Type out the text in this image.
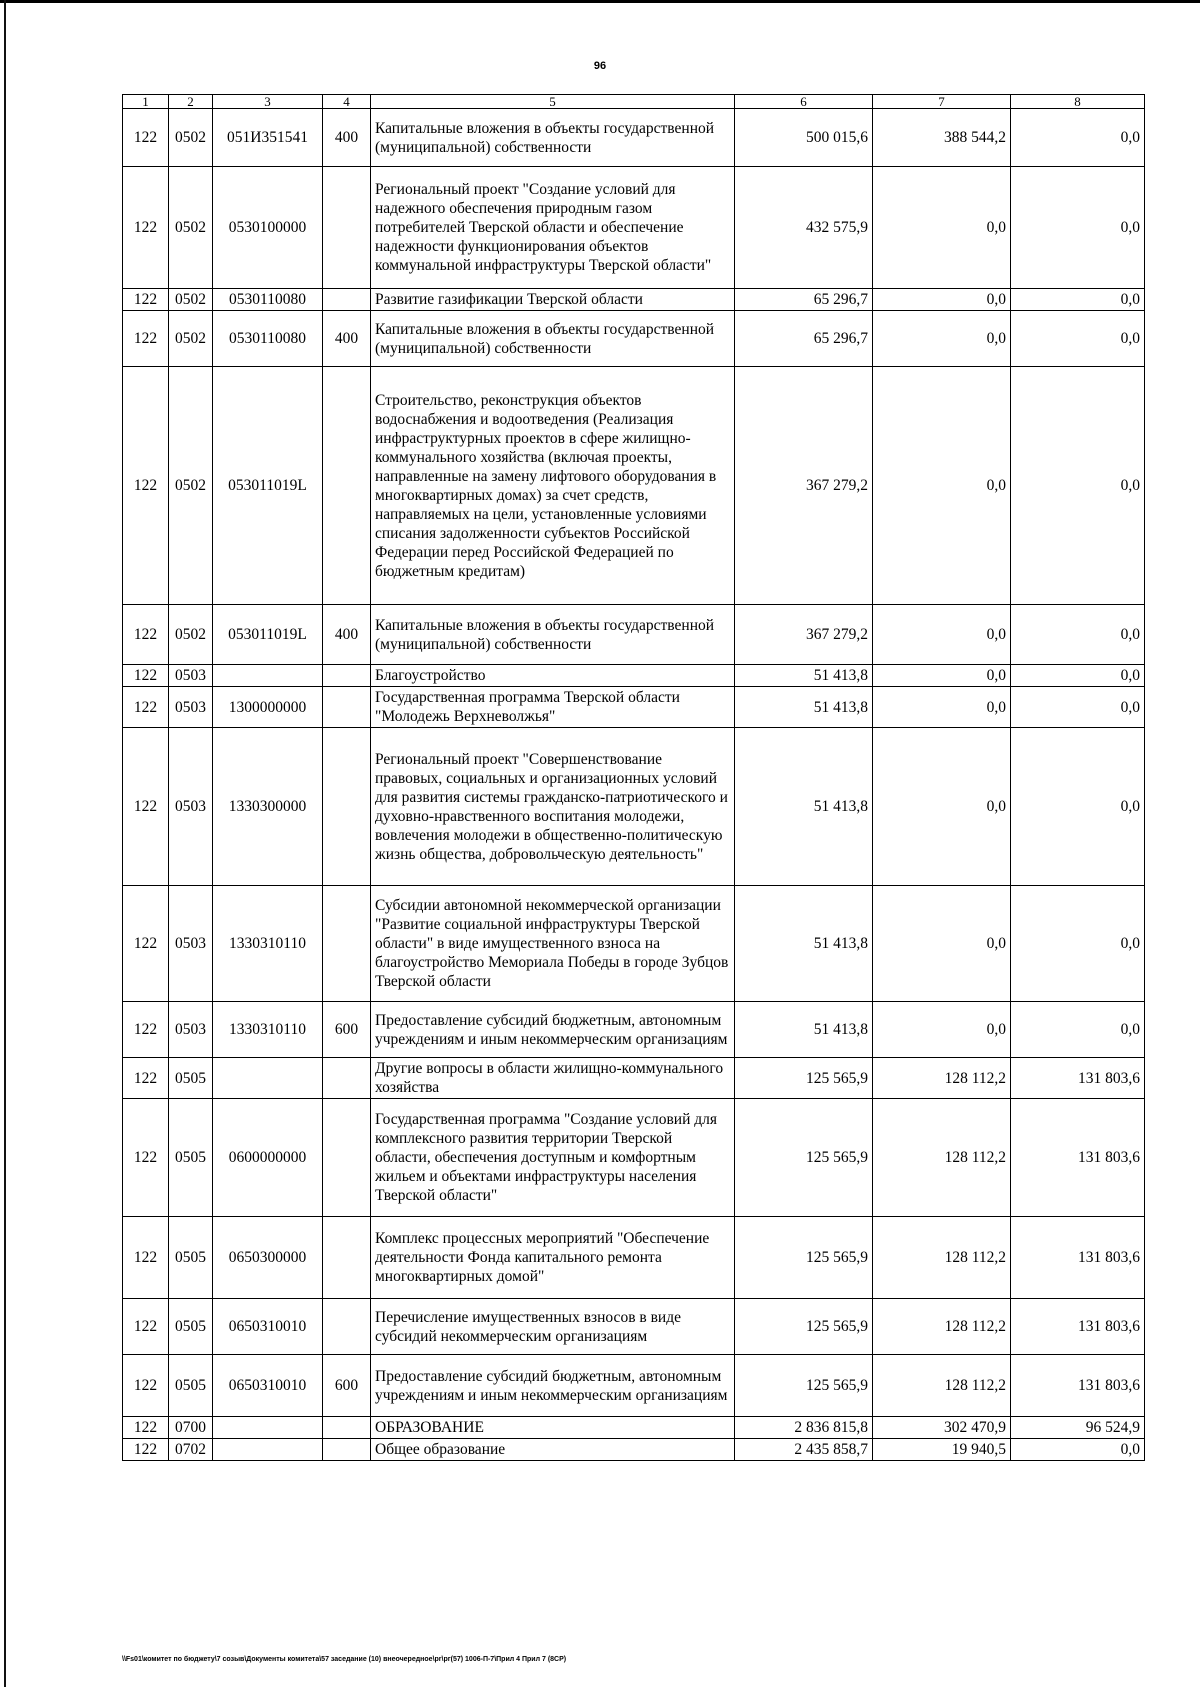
96
1	2	3	4	5	6	7	8
122	0502	051И351541	400	Капитальные вложения в объекты государственной (муниципальной) собственности	500 015,6	388 544,2	0,0
122	0502	0530100000		Региональный проект "Создание условий для надежного обеспечения природным газом потребителей Тверской области и обеспечение надежности функционирования объектов коммунальной инфраструктуры Тверской области"	432 575,9	0,0	0,0
122	0502	0530110080		Развитие газификации Тверской области	65 296,7	0,0	0,0
122	0502	0530110080	400	Капитальные вложения в объекты государственной (муниципальной) собственности	65 296,7	0,0	0,0
122	0502	053011019L		Строительство, реконструкция объектов водоснабжения и водоотведения (Реализация инфраструктурных проектов в сфере жилищно-коммунального хозяйства (включая проекты, направленные на замену лифтового оборудования в многоквартирных домах) за счет средств, направляемых на цели, установленные условиями списания задолженности субъектов Российской Федерации перед Российской Федерацией по бюджетным кредитам)	367 279,2	0,0	0,0
122	0502	053011019L	400	Капитальные вложения в объекты государственной (муниципальной) собственности	367 279,2	0,0	0,0
122	0503			Благоустройство	51 413,8	0,0	0,0
122	0503	1300000000		Государственная программа Тверской области "Молодежь Верхневолжья"	51 413,8	0,0	0,0
122	0503	1330300000		Региональный проект "Совершенствование правовых, социальных и организационных условий для развития системы гражданско-патриотического и духовно-нравственного воспитания молодежи, вовлечения молодежи в общественно-политическую жизнь общества, добровольческую деятельность"	51 413,8	0,0	0,0
122	0503	1330310110		Субсидии автономной некоммерческой организации "Развитие социальной инфраструктуры Тверской области" в виде имущественного взноса на благоустройство Мемориала Победы в городе Зубцов Тверской области	51 413,8	0,0	0,0
122	0503	1330310110	600	Предоставление субсидий бюджетным, автономным учреждениям и иным некоммерческим организациям	51 413,8	0,0	0,0
122	0505			Другие вопросы в области жилищно-коммунального хозяйства	125 565,9	128 112,2	131 803,6
122	0505	0600000000		Государственная программа "Создание условий для комплексного развития территории Тверской области, обеспечения доступным и комфортным жильем и объектами инфраструктуры населения Тверской области"	125 565,9	128 112,2	131 803,6
122	0505	0650300000		Комплекс процессных мероприятий "Обеспечение деятельности Фонда капитального ремонта многоквартирных домой"	125 565,9	128 112,2	131 803,6
122	0505	0650310010		Перечисление имущественных взносов в виде субсидий некоммерческим организациям	125 565,9	128 112,2	131 803,6
122	0505	0650310010	600	Предоставление субсидий бюджетным, автономным учреждениям и иным некоммерческим организациям	125 565,9	128 112,2	131 803,6
122	0700			ОБРАЗОВАНИЕ	2 836 815,8	302 470,9	96 524,9
122	0702			Общее образование	2 435 858,7	19 940,5	0,0
\\Fs01\комитет по бюджету\7 созыв\Документы комитета\57 заседание (10) внеочередное\pr\рг(57) 1006-П-7\Прил 4 Прил 7 (8СР)
